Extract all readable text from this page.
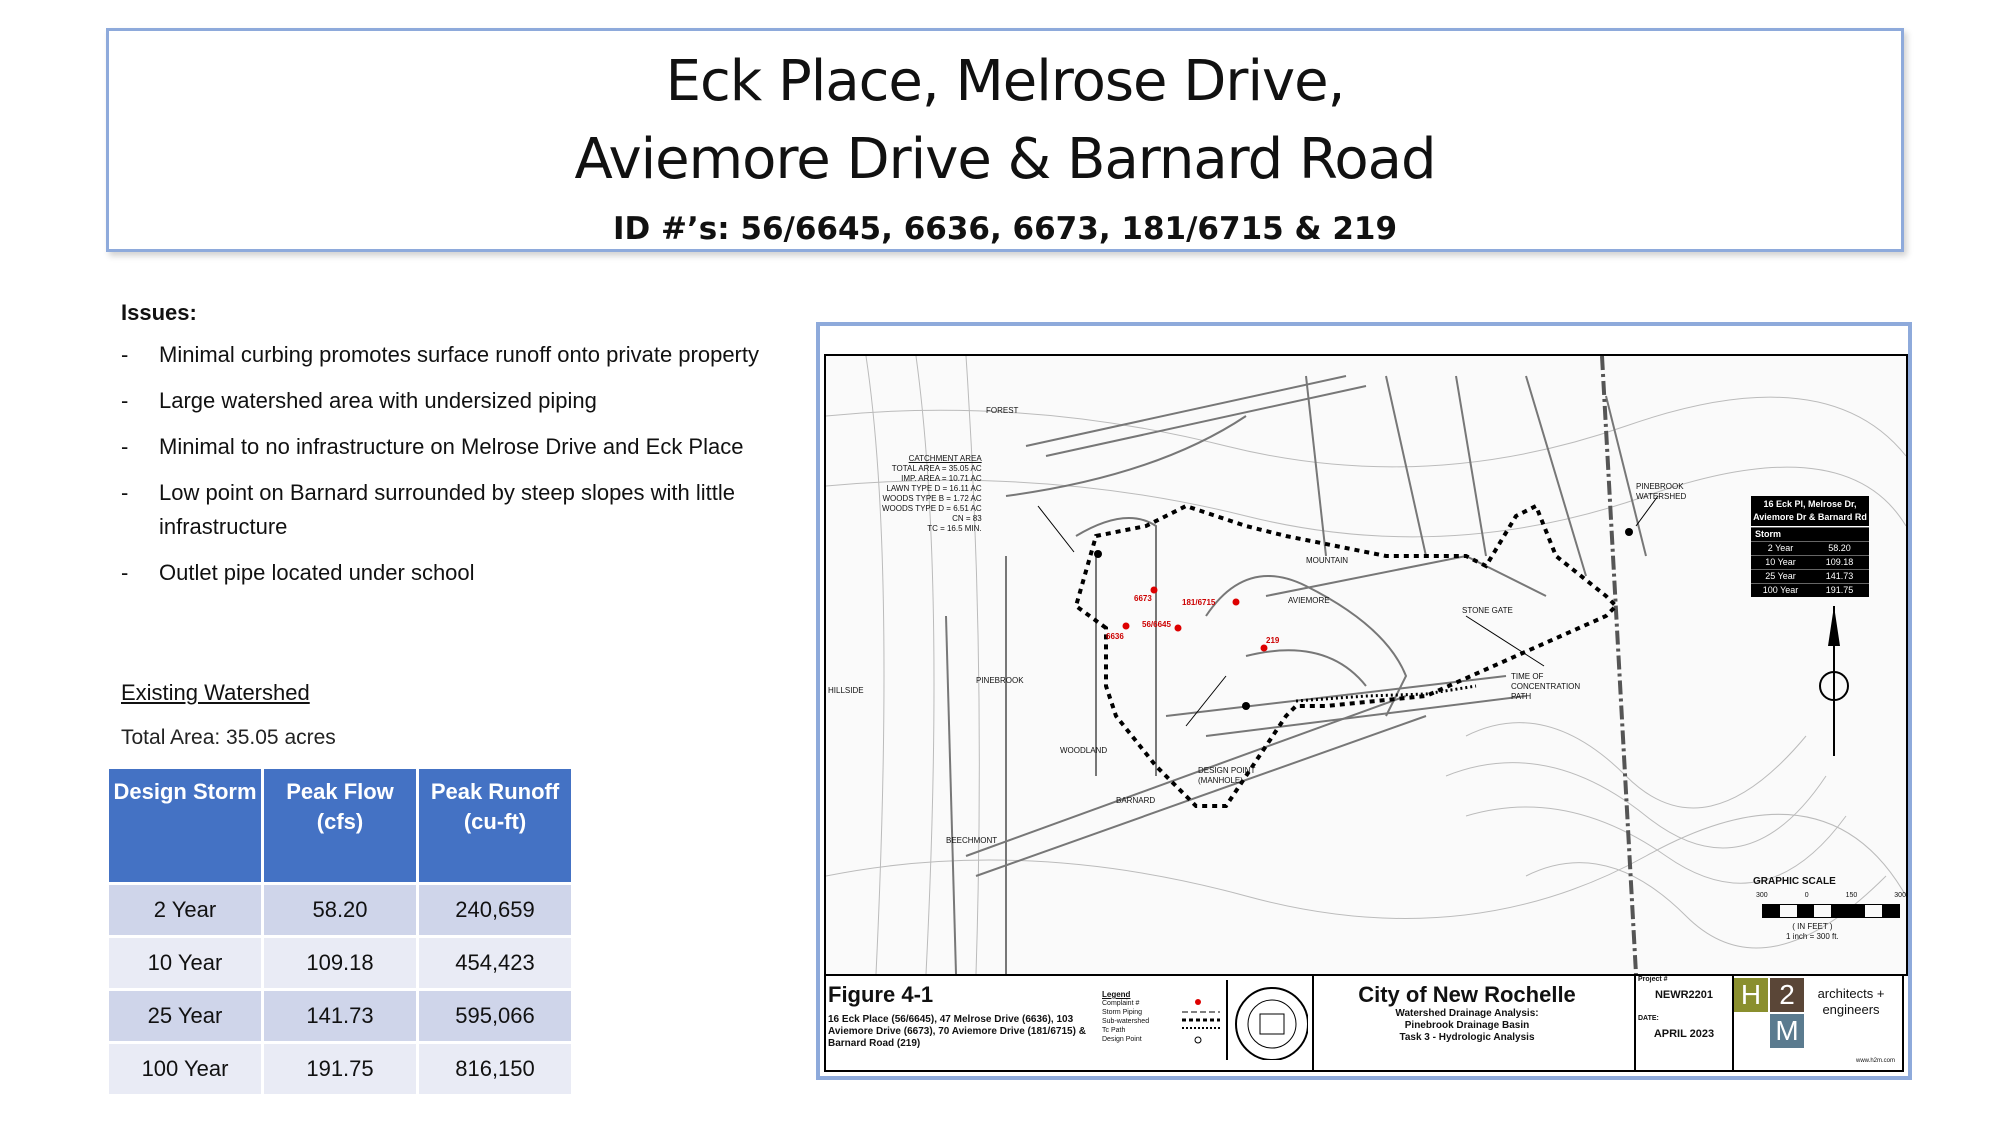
Eck Place, Melrose Drive,
Aviemore Drive & Barnard Road
ID #’s: 56/6645, 6636, 6673, 181/6715 & 219
Issues:
-	Minimal curbing promotes surface runoff onto private property
-	Large watershed area with undersized piping
-	Minimal to no infrastructure on Melrose Drive and Eck Place
-	Low point on Barnard surrounded by steep slopes with little infrastructure
-	Outlet pipe located under school
Existing Watershed
Total Area: 35.05 acres
Design Storm	Peak Flow (cfs)	Peak Runoff (cu-ft)
2 Year	58.20	240,659
10 Year	109.18	454,423
25 Year	141.73	595,066
100 Year	191.75	816,150
CATCHMENT AREA
TOTAL AREA = 35.05 AC
IMP. AREA = 10.71 AC
LAWN TYPE D = 16.11 AC
WOODS TYPE B = 1.72 AC
WOODS TYPE D = 6.51 AC
CN = 83
TC = 16.5 MIN.
PINEBROOK WATERSHED
TIME OF CONCENTRATION PATH
DESIGN POINT (MANHOLE)
AVIEMORE
MOUNTAIN
BARNARD
BEECHMONT
FOREST
HILLSIDE
PINEBROOK
WOODLAND
STONE GATE
6673	181/6715
56/6645
6636	219
16 Eck Pl, Melrose Dr, Aviemore Dr & Barnard Rd
Storm
2 Year	58.20
10 Year	109.18
25 Year	141.73
100 Year	191.75
GRAPHIC SCALE
300	0	150	300
( IN FEET )
1 inch = 300 ft.
Figure 4-1
16 Eck Place (56/6645), 47 Melrose Drive (6636), 103 Aviemore Drive (6673), 70 Aviemore Drive (181/6715) & Barnard Road (219)
Legend
Complaint #
Storm Piping
Sub-watershed
Tc Path
Design Point
City of New Rochelle
Watershed Drainage Analysis:
Pinebrook Drainage Basin
Task 3 - Hydrologic Analysis
Project #
NEWR2201
DATE:
APRIL 2023
H 2
M
architects + engineers
www.h2m.com
